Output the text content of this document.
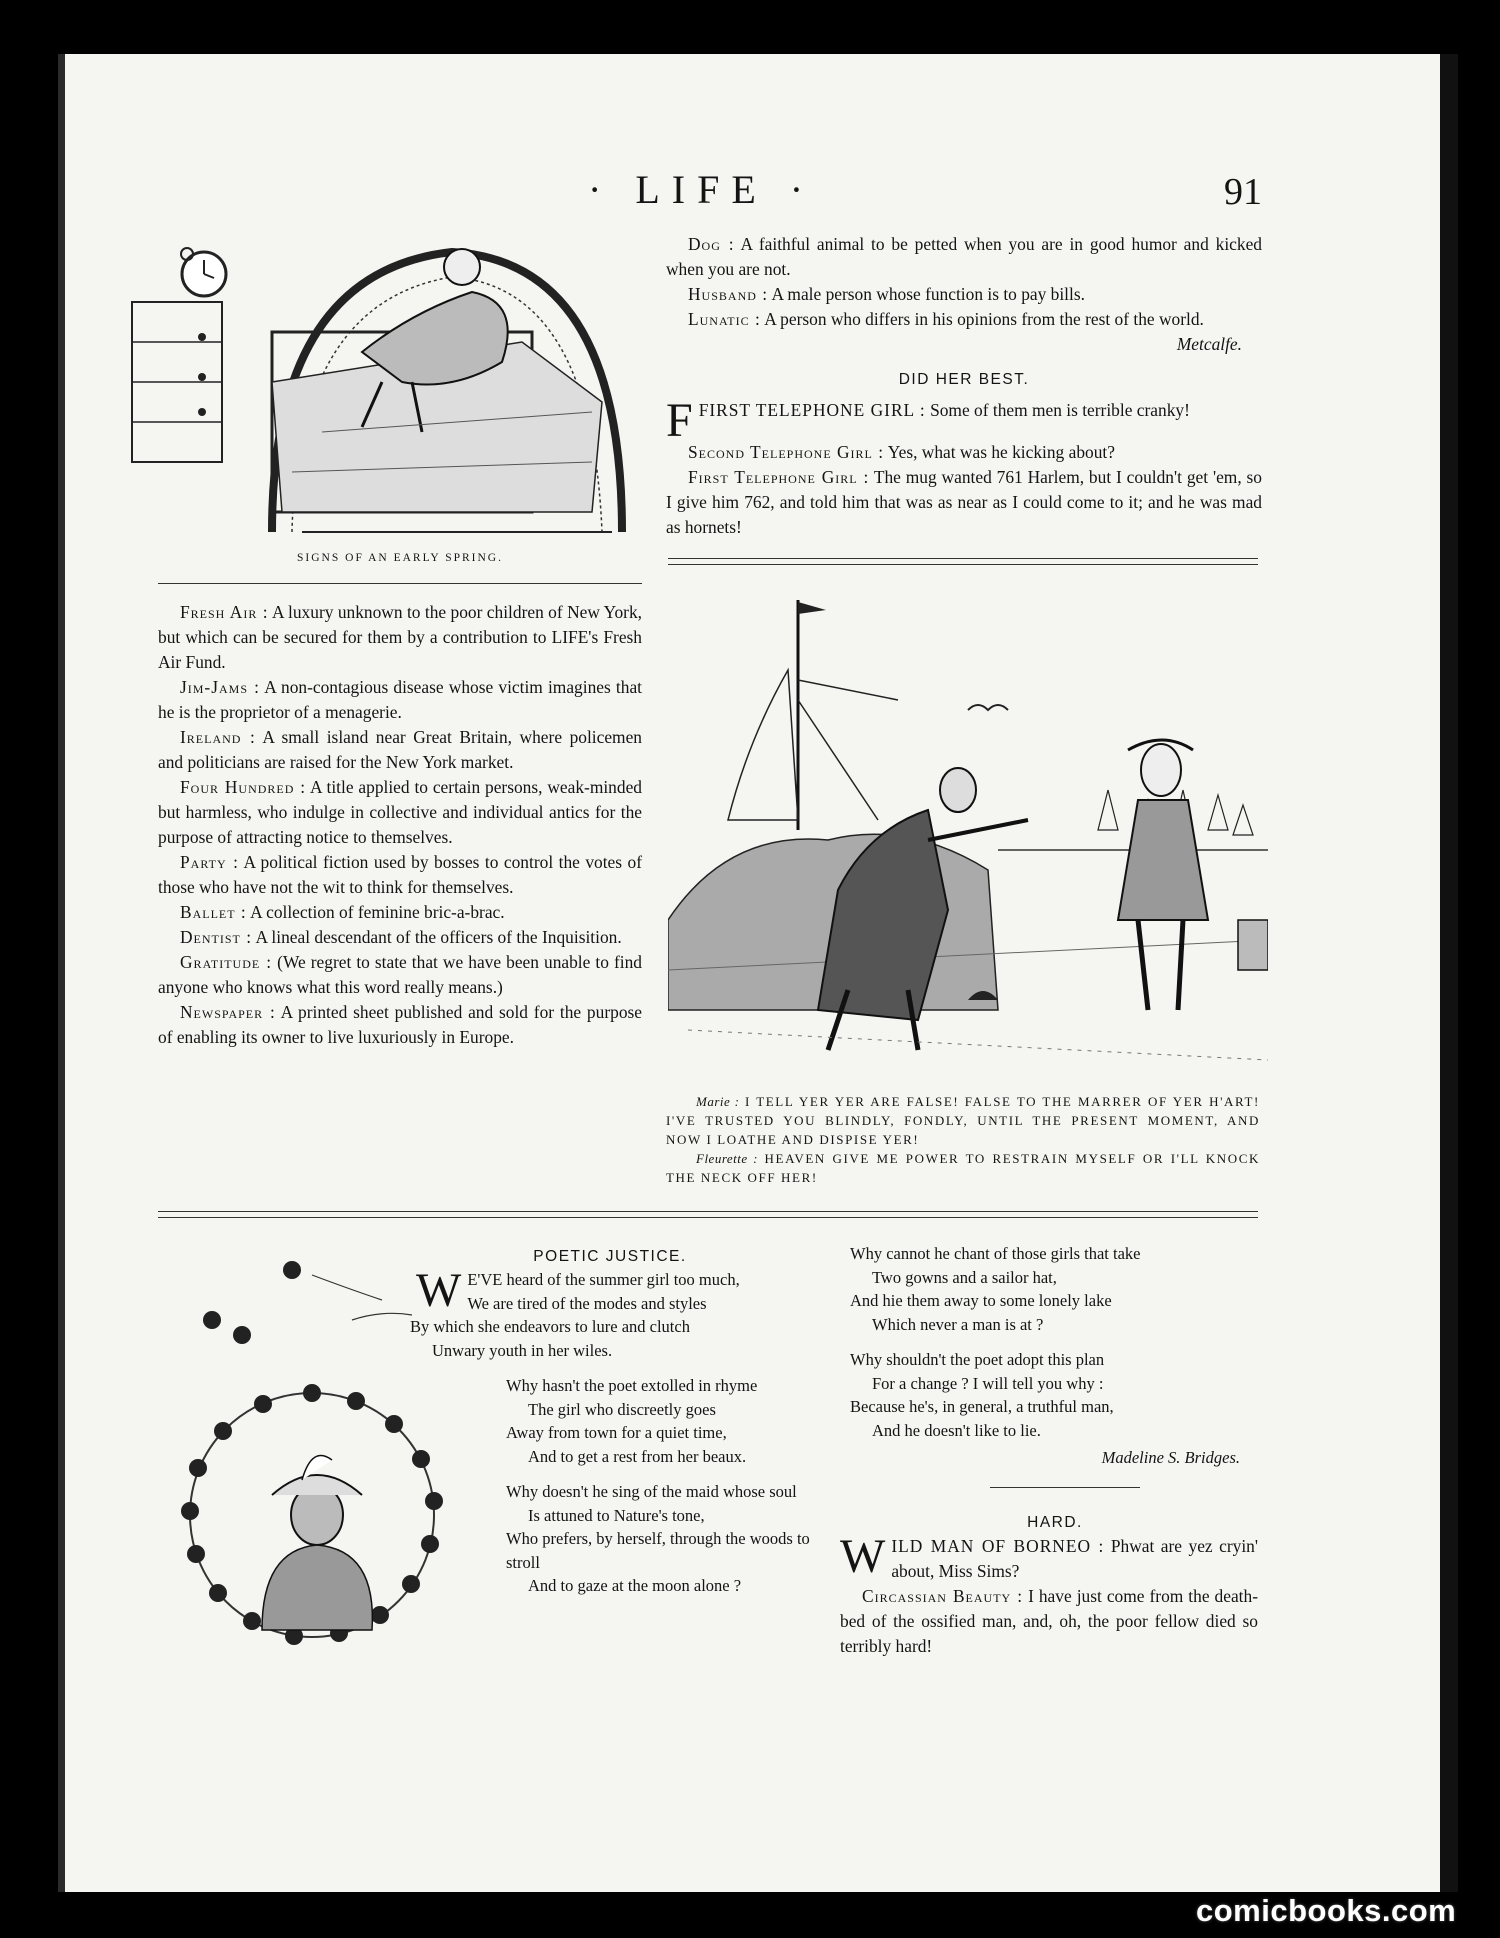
· LIFE ·	91
SIGNS OF AN EARLY SPRING.

Dog : A faithful animal to be petted when you are in good humor and kicked when you are not.

Husband : A male person whose function is to pay bills.

Lunatic : A person who differs in his opinions from the rest of the world.

Metcalfe.

DID HER BEST.

FFIRST TELEPHONE GIRL : Some of them men is terrible cranky!

Second Telephone Girl : Yes, what was he kicking about?

First Telephone Girl : The mug wanted 761 Harlem, but I couldn't get 'em, so I give him 762, and told him that was as near as I could come to it; and he was mad as hornets!

Fresh Air : A luxury unknown to the poor children of New York, but which can be secured for them by a contribution to LIFE's Fresh Air Fund.

Jim-Jams : A non-contagious disease whose victim imagines that he is the proprietor of a menagerie.

Ireland : A small island near Great Britain, where policemen and politicians are raised for the New York market.

Four Hundred : A title applied to certain persons, weak-minded but harmless, who indulge in collective and individual antics for the purpose of attracting notice to themselves.

Party : A political fiction used by bosses to control the votes of those who have not the wit to think for themselves.

Ballet : A collection of feminine bric-a-brac.

Dentist : A lineal descendant of the officers of the Inquisition.

Gratitude : (We regret to state that we have been unable to find anyone who knows what this word really means.)

Newspaper : A printed sheet published and sold for the purpose of enabling its owner to live luxuriously in Europe.

Marie : I TELL YER YER ARE FALSE! FALSE TO THE MARRER OF YER H'ART! I'VE TRUSTED YOU BLINDLY, FONDLY, UNTIL THE PRESENT MOMENT, AND NOW I LOATHE AND DISPISE YER!

Fleurette : HEAVEN GIVE ME POWER TO RESTRAIN MYSELF OR I'LL KNOCK THE NECK OFF HER!

POETIC JUSTICE.
W E'VE heard of the summer girl too much,
We are tired of the modes and styles
By which she endeavors to lure and clutch
Unwary youth in her wiles.
Why hasn't the poet extolled in rhyme
The girl who discreetly goes
Away from town for a quiet time,
And to get a rest from her beaux.
Why doesn't he sing of the maid whose soul
Is attuned to Nature's tone,
Who prefers, by herself, through the woods to stroll
And to gaze at the moon alone ?
Why cannot he chant of those girls that take
Two gowns and a sailor hat,
And hie them away to some lonely lake
Which never a man is at ?
Why shouldn't the poet adopt this plan
For a change ? I will tell you why :
Because he's, in general, a truthful man,
And he doesn't like to lie.
Madeline S. Bridges.
HARD.

WILD MAN OF BORNEO : Phwat are yez cryin' about, Miss Sims?

Circassian Beauty : I have just come from the death-bed of the ossified man, and, oh, the poor fellow died so terribly hard!

comicbooks.com
